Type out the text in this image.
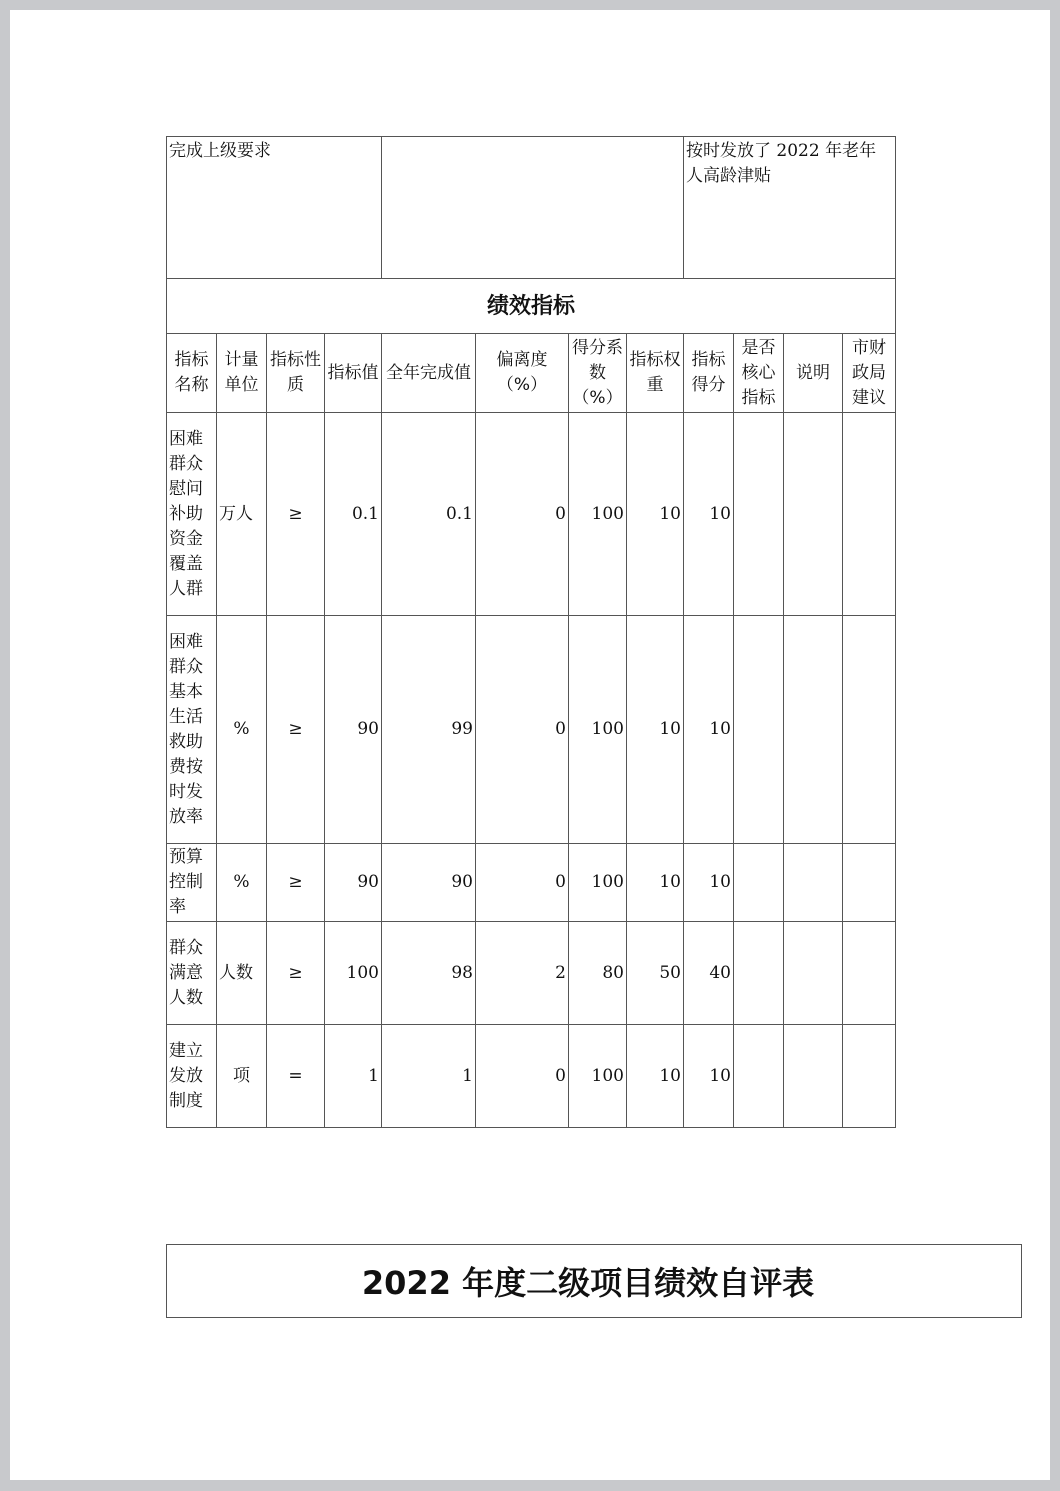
完成上级要求								按时发放了 2022 年老年人高龄津贴			
绩效指标											
指标名称	计量单位	指标性质	指标值	全年完成值	偏离度（%）	得分系数（%）	指标权重	指标得分	是否核心指标	说明	市财政局建议

困难群众慰问补助资金覆盖人群	万人	≥	0.1	0.1	0	100	10	10			

困难群众基本生活救助费按时发放率	%	≥	90	99	0	100	10	10			

预算控制率	%	≥	90	90	0	100	10	10			

群众满意人数	人数	≥	100	98	2	80	50	40			

建立发放制度	项	=	1	1	0	100	10	10			
2022 年度二级项目绩效自评表
